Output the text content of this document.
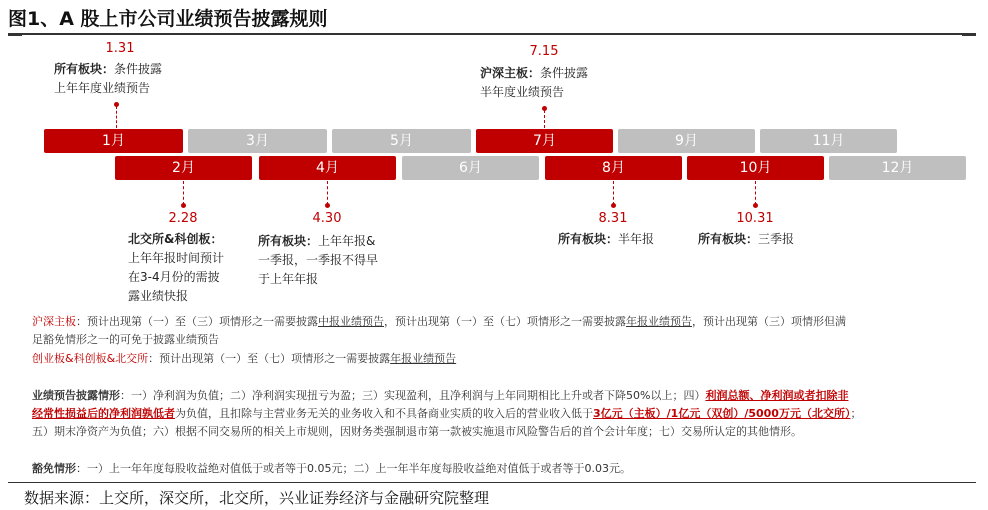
图1、A 股上市公司业绩预告披露规则
1月	3月	5月	7月	9月	11月
2月	4月	6月	8月	10月	12月
1.31
所有板块：条件披露
上年年度业绩预告
7.15
沪深主板：条件披露
半年度业绩预告
2.28
北交所&科创板：
上年年报时间预计
在3-4月份的需披
露业绩快报
4.30
所有板块：上年年报&
一季报，一季报不得早
于上年年报
8.31
所有板块：半年报
10.31
所有板块：三季报
沪深主板：预计出现第（一）至（三）项情形之一需要披露中报业绩预告，预计出现第（一）至（七）项情形之一需要披露年报业绩预告，预计出现第（三）项情形但满
足豁免情形之一的可免于披露业绩预告
创业板&科创板&北交所：预计出现第（一）至（七）项情形之一需要披露年报业绩预告
业绩预告披露情形：一）净利润为负值；二）净利润实现扭亏为盈；三）实现盈利，且净利润与上年同期相比上升或者下降50%以上；四）利润总额、净利润或者扣除非
经常性损益后的净利润孰低者为负值，且扣除与主营业务无关的业务收入和不具备商业实质的收入后的营业收入低于3亿元（主板）/1亿元（双创）/5000万元（北交所）；
五）期末净资产为负值；六）根据不同交易所的相关上市规则，因财务类强制退市第一款被实施退市风险警告后的首个会计年度；七）交易所认定的其他情形。
豁免情形：一）上一年年度每股收益绝对值低于或者等于0.05元；二）上一年半年度每股收益绝对值低于或者等于0.03元。
数据来源：上交所，深交所，北交所，兴业证券经济与金融研究院整理
